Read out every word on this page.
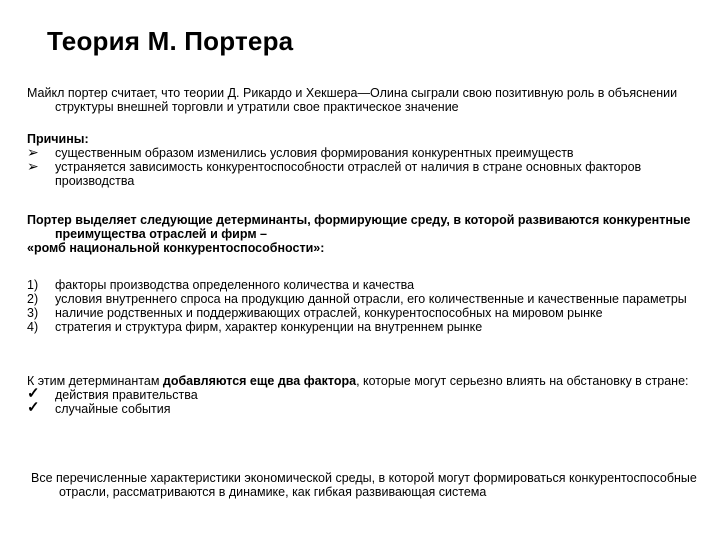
Теория М. Портера
Майкл портер считает, что теории Д. Рикардо и Хекшера—Олина сыграли свою позитивную роль в объяснении структуры внешней торговли и утратили свое практическое значение
Причины:
➢	существенным образом изменились условия формирования конкурентных преимуществ
➢	устраняется зависимость конкурентоспособности отраслей от наличия в стране основных факторов производства
Портер выделяет следующие детерминанты, формирующие среду, в которой развиваются конкурентные преимущества отраслей и фирм –
«ромб национальной конкурентоспособности»:
1)	факторы производства определенного количества и качества
2)	условия внутреннего спроса на продукцию данной отрасли, его количественные и качественные параметры
3)	наличие родственных и поддерживающих отраслей, конкурентоспособных на мировом рынке
4)	стратегия и структура фирм, характер конкуренции на внутреннем рынке
К этим детерминантам добавляются еще два фактора, которые могут серьезно влиять на обстановку в стране:
✓	действия правительства
✓	случайные события
Все перечисленные характеристики экономической среды, в которой могут формироваться конкурентоспособные отрасли, рассматриваются в динамике, как гибкая развивающая система
